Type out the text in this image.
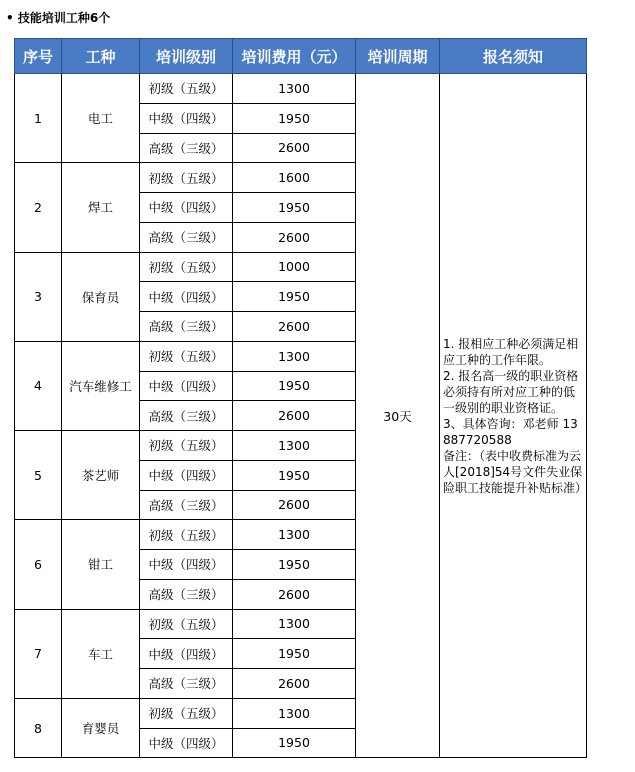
• 技能培训工种6个
序号	工种	培训级别	培训费用（元）	培训周期	报名须知
1	电工	初级（五级）	1300	30天	1. 报相应工种必须满足相应工种的工作年限。
2. 报名高一级的职业资格必须持有所对应工种的低一级别的职业资格证。
3、具体咨询：邓老师 13887720588
备注：（表中收费标准为云人[2018]54号文件失业保险职工技能提升补贴标准）

		中级（四级）	1950		
		高级（三级）	2600		
2	焊工	初级（五级）	1600		
		中级（四级）	1950		
		高级（三级）	2600		
3	保育员	初级（五级）	1000		
		中级（四级）	1950		
		高级（三级）	2600		
4	汽车维修工	初级（五级）	1300		
		中级（四级）	1950		
		高级（三级）	2600		
5	茶艺师	初级（五级）	1300		
		中级（四级）	1950		
		高级（三级）	2600		
6	钳工	初级（五级）	1300		
		中级（四级）	1950		
		高级（三级）	2600		
7	车工	初级（五级）	1300		
		中级（四级）	1950		
		高级（三级）	2600		
8	育婴员	初级（五级）	1300		
		中级（四级）	1950		
